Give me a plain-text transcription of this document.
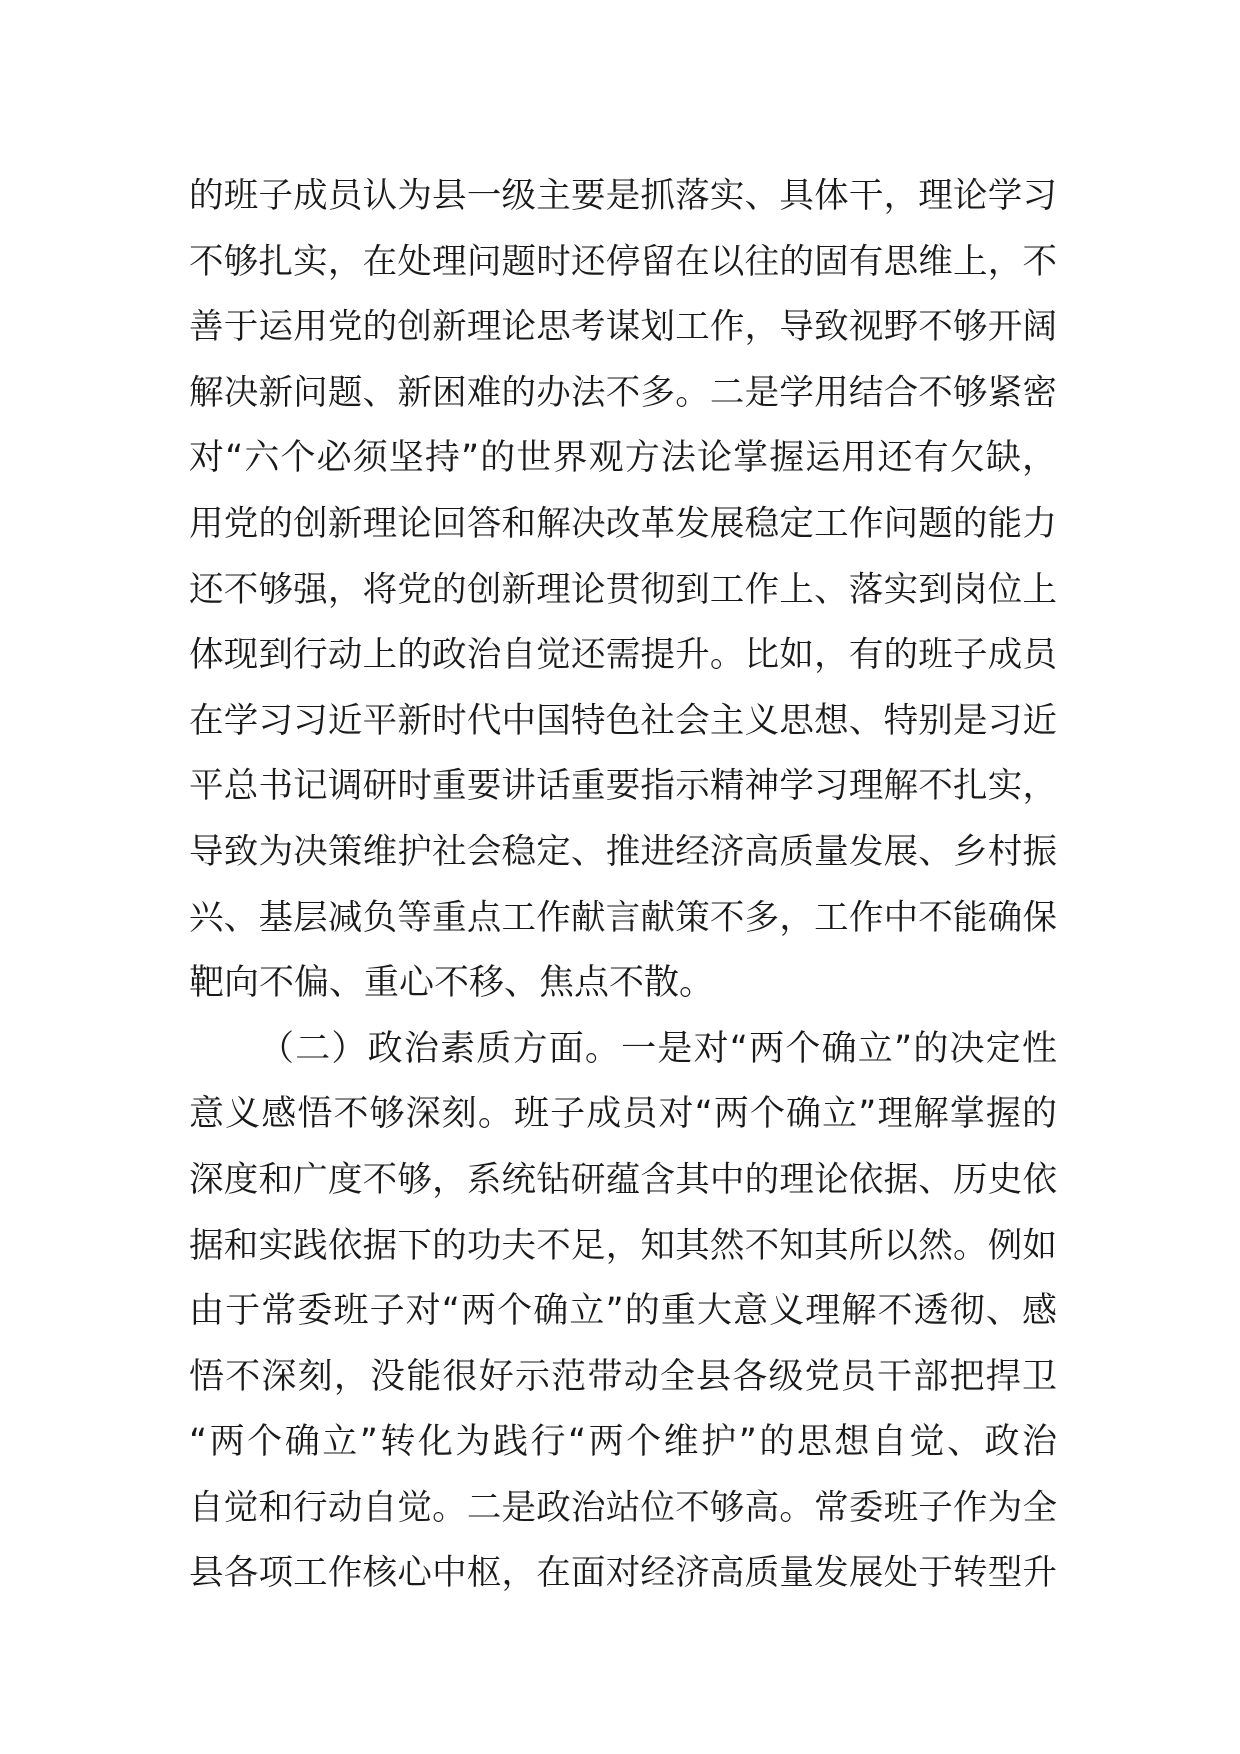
的班子成员认为县一级主要是抓落实、具体干，理论学习
不够扎实，在处理问题时还停留在以往的固有思维上，不
善于运用党的创新理论思考谋划工作，导致视野不够开阔
解决新问题、新困难的办法不多。二是学用结合不够紧密
对“六个必须坚持”的世界观方法论掌握运用还有欠缺，
用党的创新理论回答和解决改革发展稳定工作问题的能力
还不够强，将党的创新理论贯彻到工作上、落实到岗位上
体现到行动上的政治自觉还需提升。比如，有的班子成员
在学习习近平新时代中国特色社会主义思想、特别是习近
平总书记调研时重要讲话重要指示精神学习理解不扎实，
导致为决策维护社会稳定、推进经济高质量发展、乡村振
兴、基层减负等重点工作献言献策不多，工作中不能确保
靶向不偏、重心不移、焦点不散。
（二）政治素质方面。一是对“两个确立”的决定性
意义感悟不够深刻。班子成员对“两个确立”理解掌握的
深度和广度不够，系统钻研蕴含其中的理论依据、历史依
据和实践依据下的功夫不足，知其然不知其所以然。例如
由于常委班子对“两个确立”的重大意义理解不透彻、感
悟不深刻，没能很好示范带动全县各级党员干部把捍卫
“两个确立”转化为践行“两个维护”的思想自觉、政治
自觉和行动自觉。二是政治站位不够高。常委班子作为全
县各项工作核心中枢，在面对经济高质量发展处于转型升
